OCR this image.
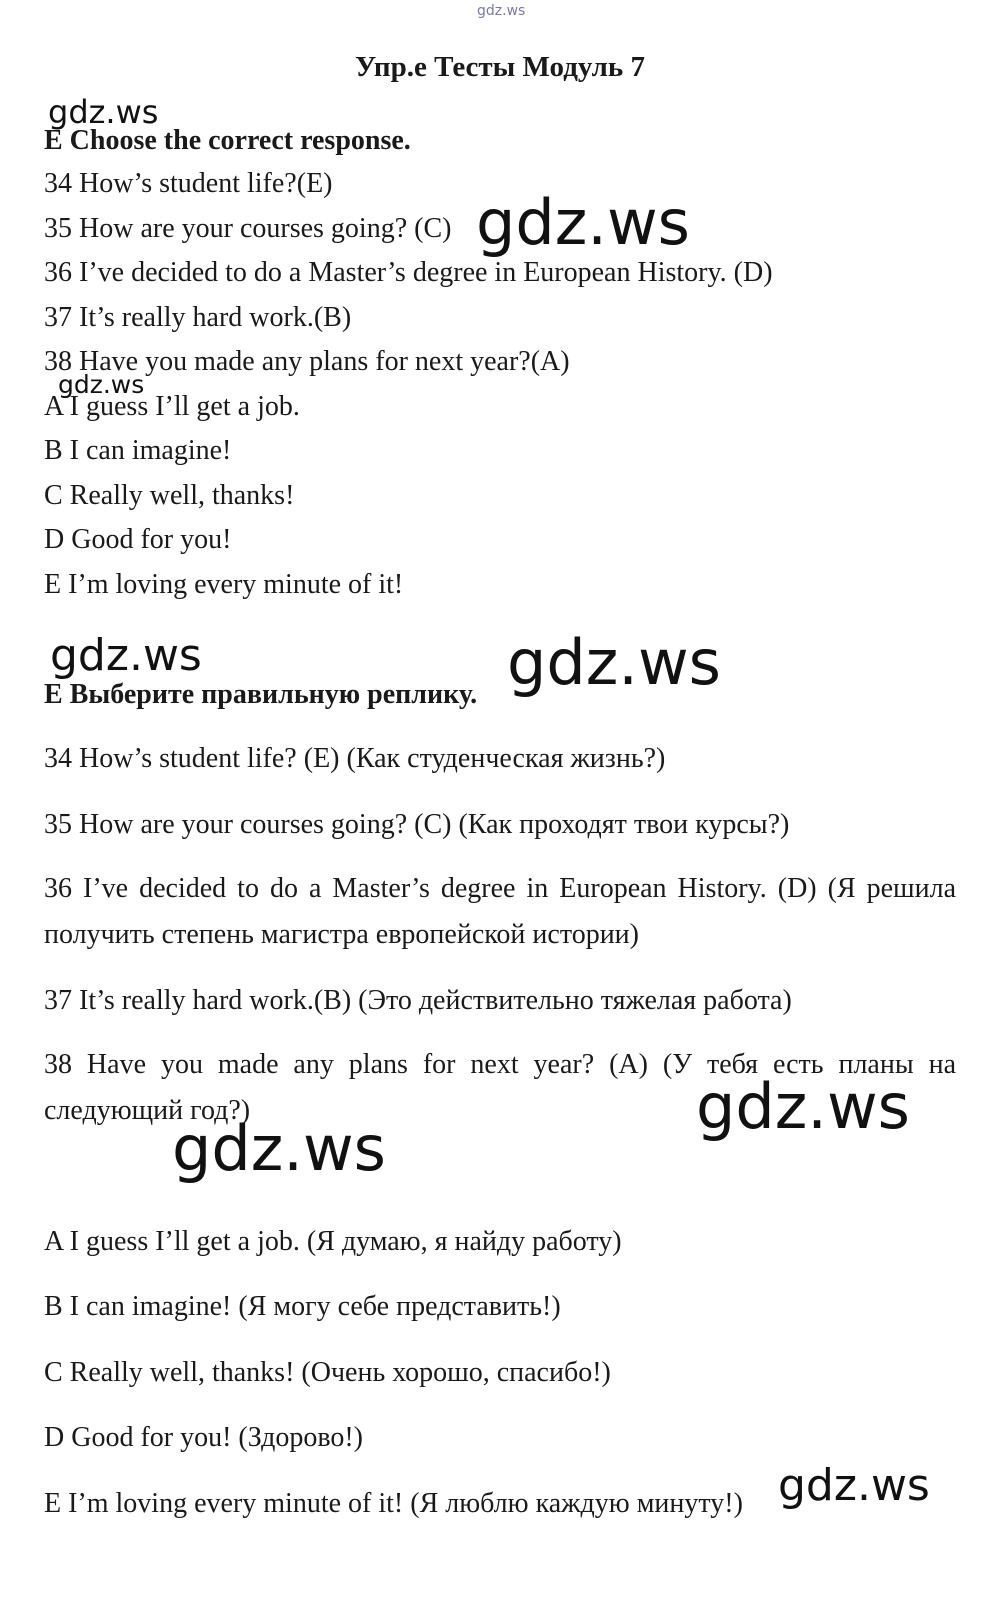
gdz.ws
Упр.е Тесты Модуль 7
E Choose the correct response.
34 How’s student life?(E)
35 How are your courses going? (C)
36 I’ve decided to do a Master’s degree in European History. (D)
37 It’s really hard work.(B)
38 Have you made any plans for next year?(A)
A I guess I’ll get a job.
B I can imagine!
C Really well, thanks!
D Good for you!
E I’m loving every minute of it!
E Выберите правильную реплику.
34 How’s student life? (E) (Как студенческая жизнь?)
35 How are your courses going? (C) (Как проходят твои курсы?)
36 I’ve decided to do a Master’s degree in European History. (D) (Я решила получить степень магистра европейской истории)
37 It’s really hard work.(B) (Это действительно тяжелая работа)
38 Have you made any plans for next year? (A) (У тебя есть планы на следующий год?)
A I guess I’ll get a job. (Я думаю, я найду работу)
B I can imagine! (Я могу себе представить!)
C Really well, thanks! (Очень хорошо, спасибо!)
D Good for you! (Здорово!)
E I’m loving every minute of it! (Я люблю каждую минуту!)
gdz.ws
gdz.ws
gdz.ws
gdz.ws	gdz.ws
gdz.ws
gdz.ws
gdz.ws
